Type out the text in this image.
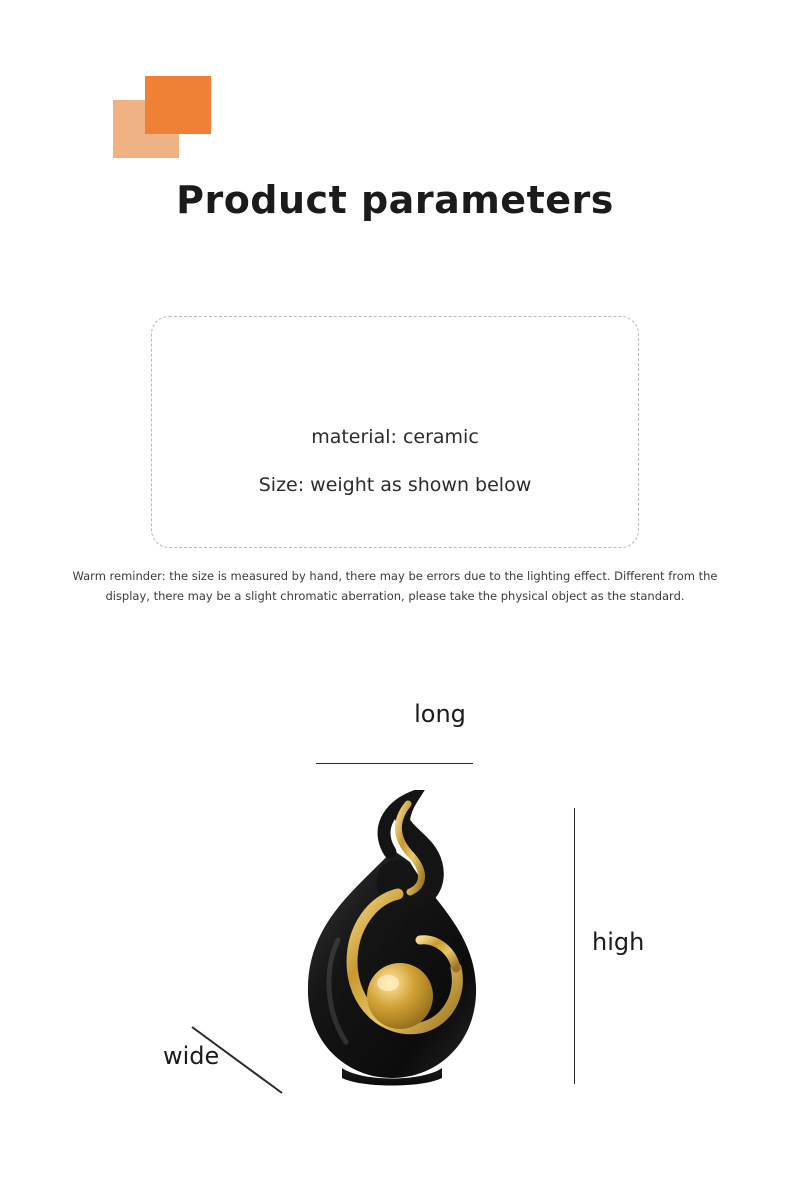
Product parameters
material: ceramic
Size: weight as shown below
Warm reminder: the size is measured by hand, there may be errors due to the lighting effect. Different from the display, there may be a slight chromatic aberration, please take the physical object as the standard.
long
high
wide
